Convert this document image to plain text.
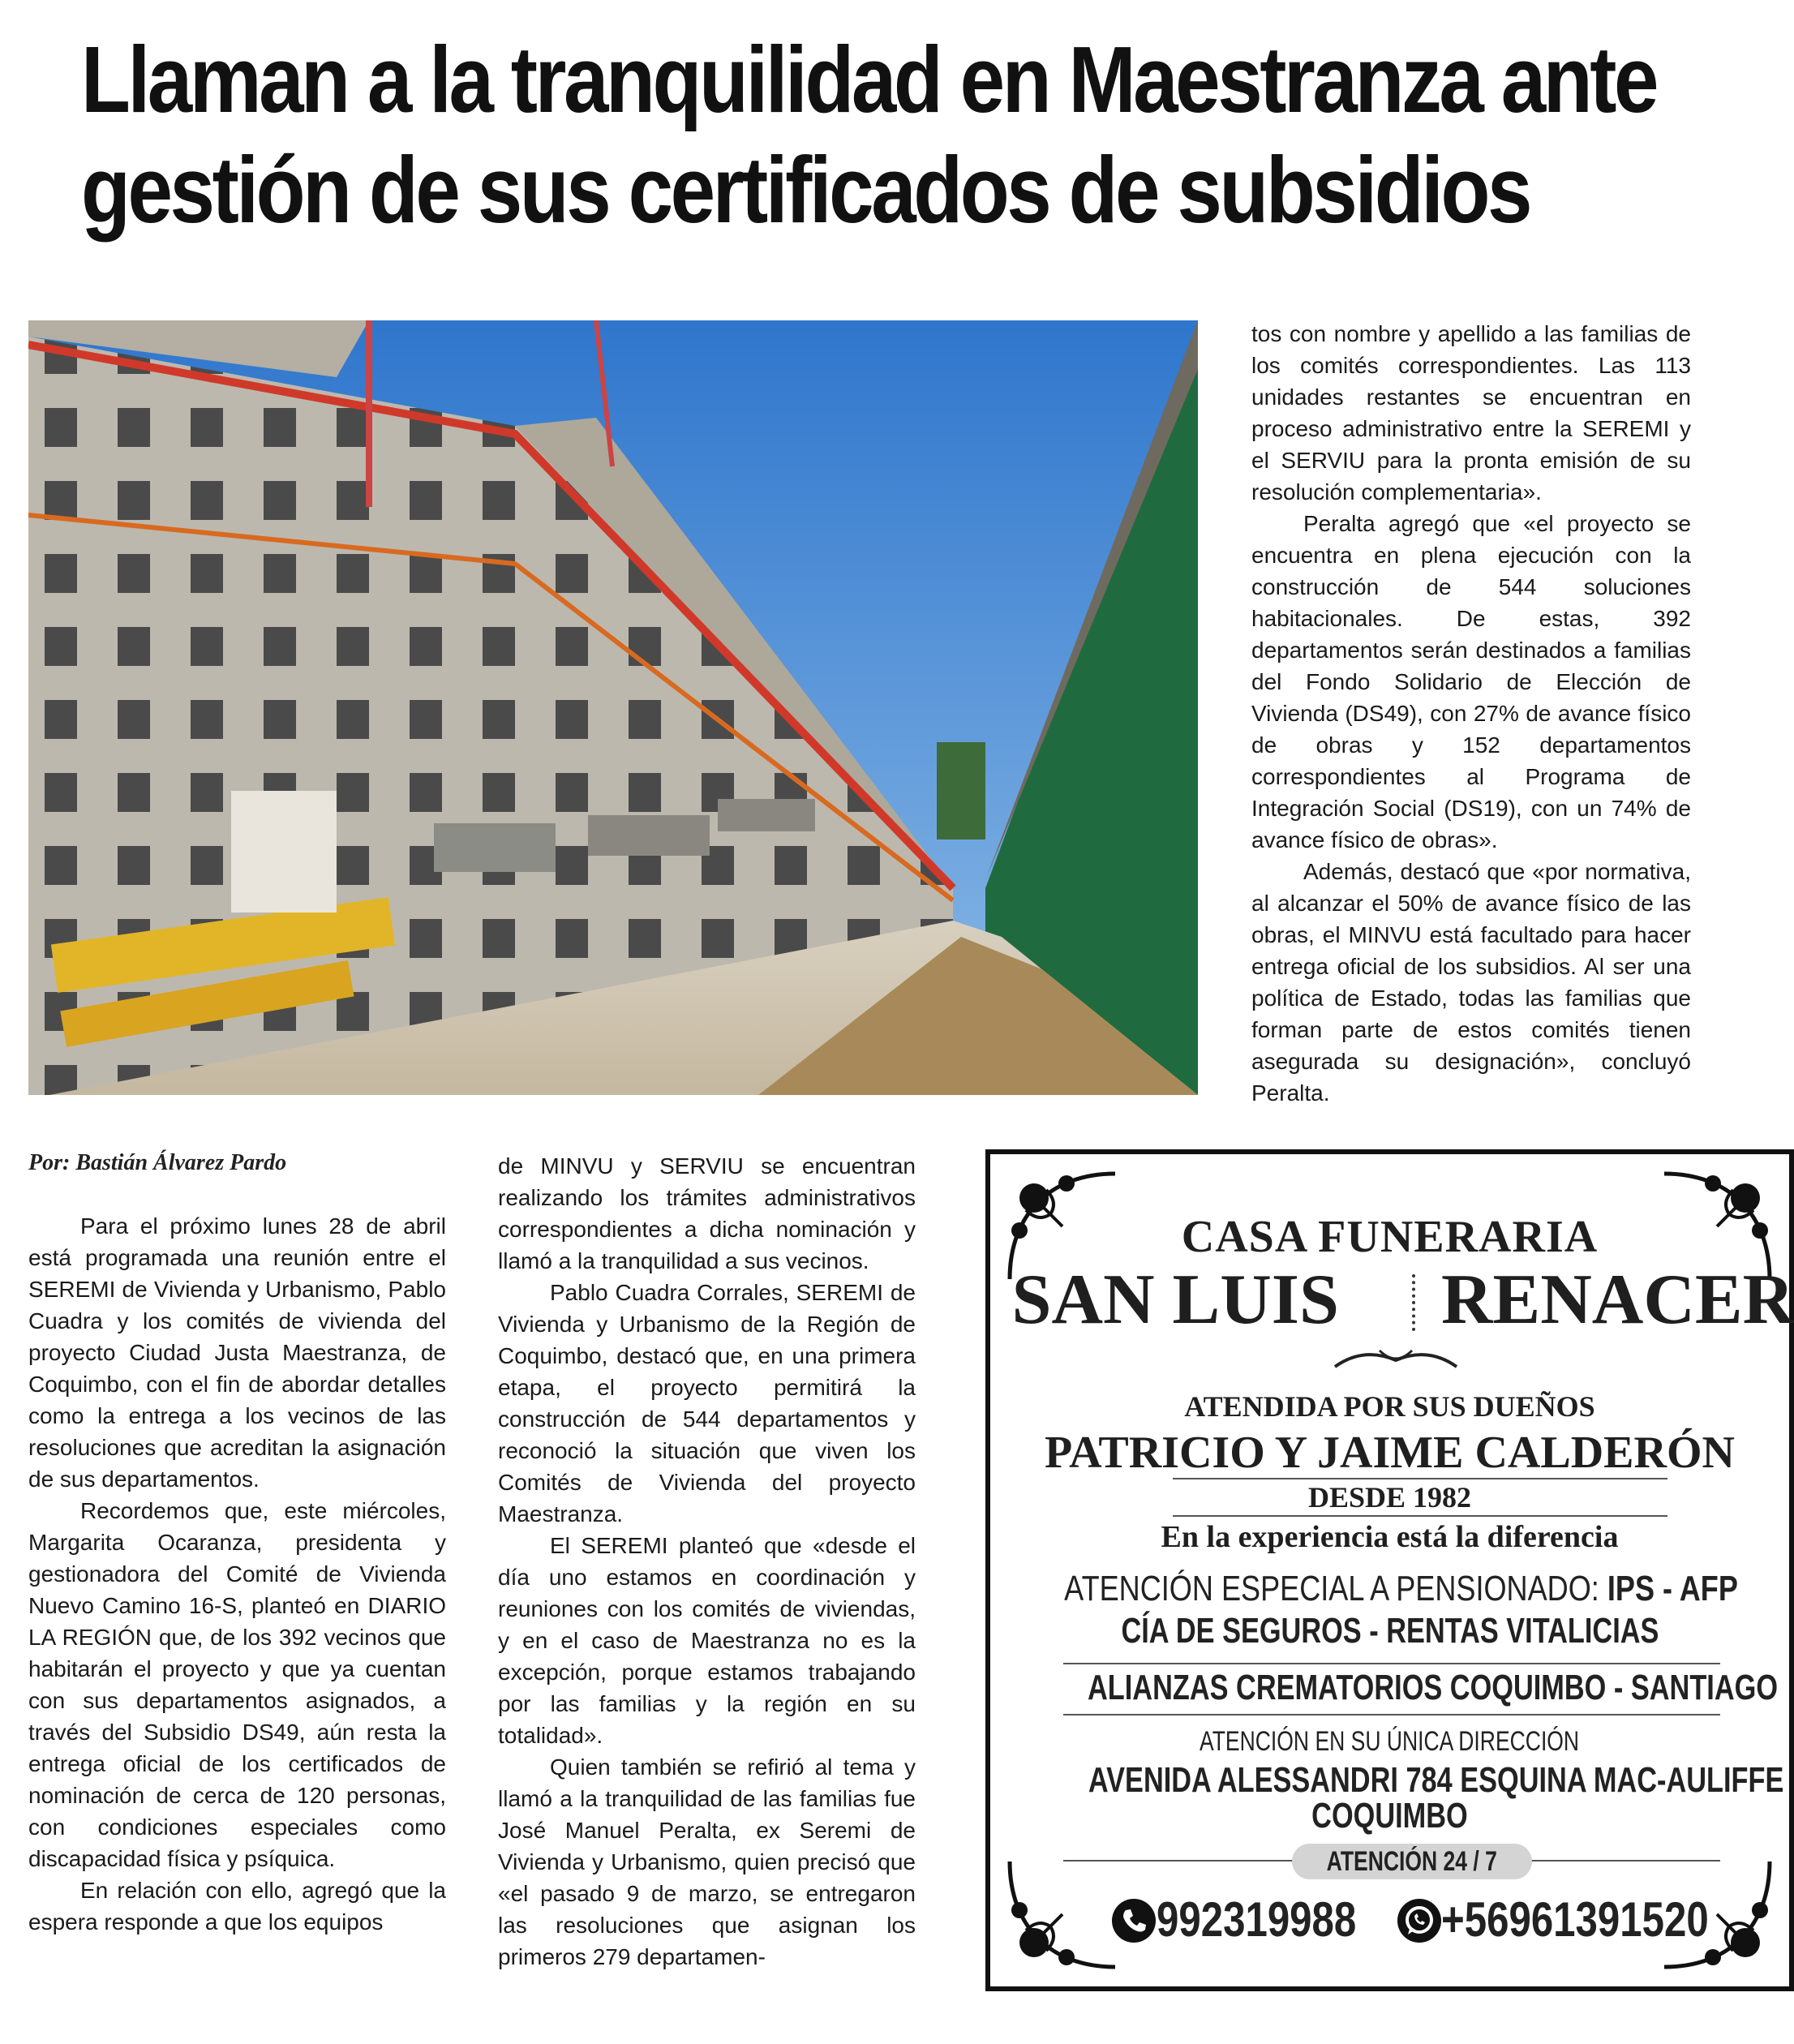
Llaman a la tranquilidad en Maestranza ante
gestión de sus certificados de subsidios
Por: Bastián Álvarez Pardo

Para el próximo lunes 28 de abril está programada una reunión entre el SEREMI de Vivienda y Urbanismo, Pablo Cuadra y los comités de vivienda del proyecto Ciudad Justa Maestranza, de Coquimbo, con el fin de abordar detalles como la entrega a los vecinos de las resoluciones que acreditan la asignación de sus departamentos.

Recordemos que, este miércoles, Margarita Ocaranza, presidenta y gestionadora del Comité de Vivienda Nuevo Camino 16-S, planteó en DIARIO LA REGIÓN que, de los 392 vecinos que habitarán el proyecto y que ya cuentan con sus departamentos asignados, a través del Subsidio DS49, aún resta la entrega oficial de los certificados de nominación de cerca de 120 personas, con condiciones especiales como discapacidad física y psíquica.

En relación con ello, agregó que la espera responde a que los equipos

de MINVU y SERVIU se encuentran realizando los trámites administrativos correspondientes a dicha nominación y llamó a la tranquilidad a sus vecinos.

Pablo Cuadra Corrales, SEREMI de Vivienda y Urbanismo de la Región de Coquimbo, destacó que, en una primera etapa, el proyecto permitirá la construcción de 544 departamentos y reconoció la situación que viven los Comités de Vivienda del proyecto Maestranza.

El SEREMI planteó que «desde el día uno estamos en coordinación y reuniones con los comités de viviendas, y en el caso de Maestranza no es la excepción, porque estamos trabajando por las familias y la región en su totalidad».

Quien también se refirió al tema y llamó a la tranquilidad de las familias fue José Manuel Peralta, ex Seremi de Vivienda y Urbanismo, quien precisó que «el pasado 9 de marzo, se entregaron las resoluciones que asignan los primeros 279 departamen-

tos con nombre y apellido a las familias de los comités correspondientes. Las 113 unidades restantes se encuentran en proceso administrativo entre la SEREMI y el SERVIU para la pronta emisión de su resolución complementaria».

Peralta agregó que «el proyecto se encuentra en plena ejecución con la construcción de 544 soluciones habitacionales. De estas, 392 departamentos serán destinados a familias del Fondo Solidario de Elección de Vivienda (DS49), con 27% de avance físico de obras y 152 departamentos correspondientes al Programa de Integración Social (DS19), con un 74% de avance físico de obras».

Además, destacó que «por normativa, al alcanzar el 50% de avance físico de las obras, el MINVU está facultado para hacer entrega oficial de los subsidios. Al ser una política de Estado, todas las familias que forman parte de estos comités tienen asegurada su designación», concluyó Peralta.

CASA FUNERARIA
SAN LUIS RENACER
ATENDIDA POR SUS DUEÑOS
PATRICIO Y JAIME CALDERÓN
DESDE 1982
En la experiencia está la diferencia
ATENCIÓN ESPECIAL A PENSIONADO: IPS - AFP
CÍA DE SEGUROS - RENTAS VITALICIAS
ALIANZAS CREMATORIOS COQUIMBO - SANTIAGO
ATENCIÓN EN SU ÚNICA DIRECCIÓN
AVENIDA ALESSANDRI 784 ESQUINA MAC-AULIFFE
COQUIMBO
ATENCIÓN 24 / 7
992319988 +56961391520
